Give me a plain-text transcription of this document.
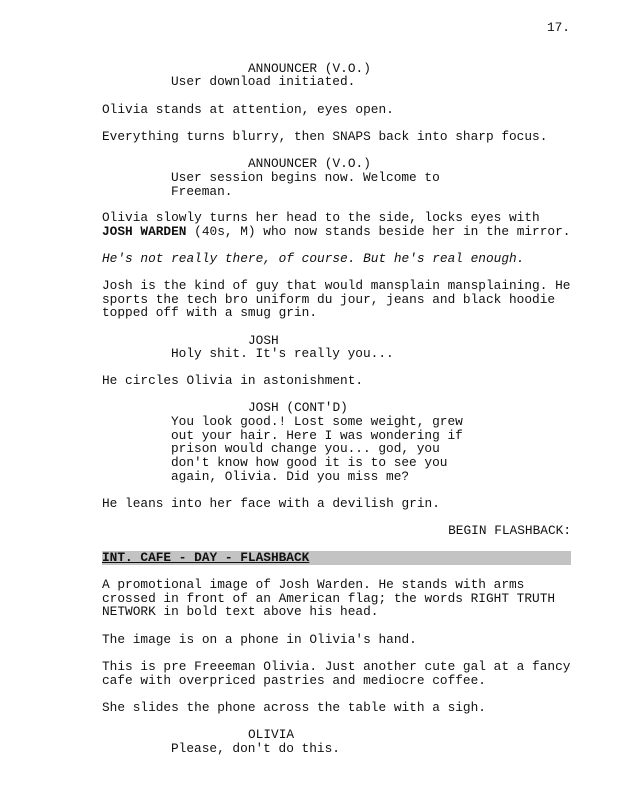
17.
ANNOUNCER (V.O.)
User download initiated.
Olivia stands at attention, eyes open.
Everything turns blurry, then SNAPS back into sharp focus.
ANNOUNCER (V.O.)
User session begins now. Welcome to
Freeman.
Olivia slowly turns her head to the side, locks eyes with
JOSH WARDEN (40s, M) who now stands beside her in the mirror.
He's not really there, of course. But he's real enough.
Josh is the kind of guy that would mansplain mansplaining. He
sports the tech bro uniform du jour, jeans and black hoodie
topped off with a smug grin.
JOSH
Holy shit. It's really you...
He circles Olivia in astonishment.
JOSH (CONT'D)
You look good.! Lost some weight, grew
out your hair. Here I was wondering if
prison would change you... god, you
don't know how good it is to see you
again, Olivia. Did you miss me?
He leans into her face with a devilish grin.
BEGIN FLASHBACK:
INT. CAFE - DAY - FLASHBACK
A promotional image of Josh Warden. He stands with arms
crossed in front of an American flag; the words RIGHT TRUTH
NETWORK in bold text above his head.
The image is on a phone in Olivia's hand.
This is pre Freeeman Olivia. Just another cute gal at a fancy
cafe with overpriced pastries and mediocre coffee.
She slides the phone across the table with a sigh.
OLIVIA
Please, don't do this.
